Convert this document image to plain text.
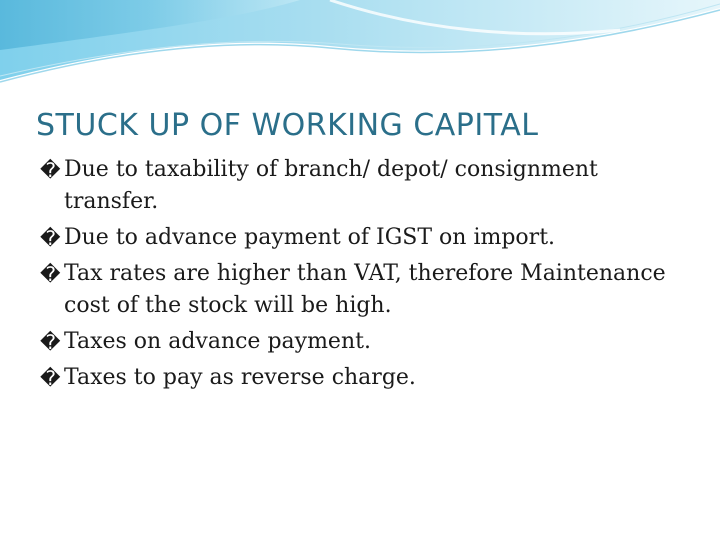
STUCK UP OF WORKING CAPITAL
� Due to taxability of branch/ depot/ consignment transfer.
� Due to advance payment of IGST on import.
� Tax rates are higher than VAT, therefore Maintenance cost of the stock will be high.
� Taxes on advance payment.
� Taxes to pay as reverse charge.
